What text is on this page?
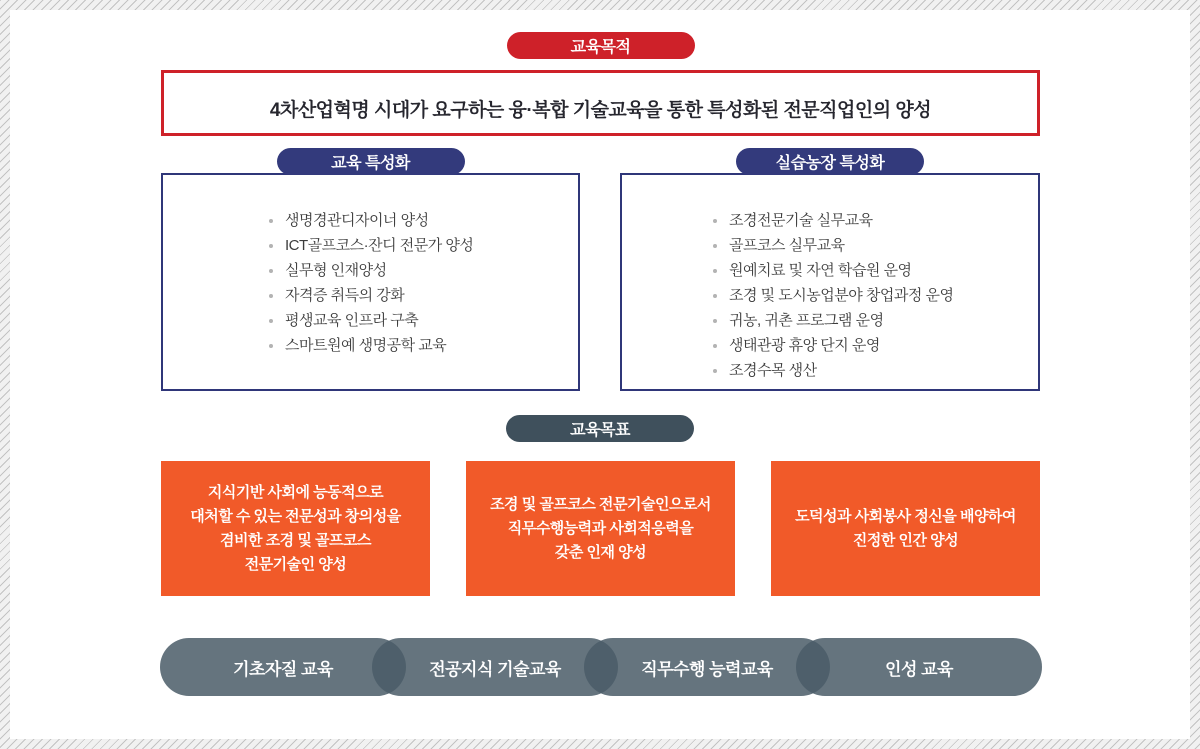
교육목적
4차산업혁명 시대가 요구하는 융·복합 기술교육을 통한 특성화된 전문직업인의 양성
교육 특성화
생명경관디자이너 양성
ICT골프코스·잔디 전문가 양성
실무형 인재양성
자격증 취득의 강화
평생교육 인프라 구축
스마트원예 생명공학 교육
실습농장 특성화
조경전문기술 실무교육
골프코스 실무교육
원예치료 및 자연 학습원 운영
조경 및 도시농업분야 창업과정 운영
귀농, 귀촌 프로그램 운영
생태관광 휴양 단지 운영
조경수목 생산
교육목표
지식기반 사회에 능동적으로
대처할 수 있는 전문성과 창의성을
겸비한 조경 및 골프코스
전문기술인 양성
조경 및 골프코스 전문기술인으로서
직무수행능력과 사회적응력을
갖춘 인재 양성
도덕성과 사회봉사 정신을 배양하여
진정한 인간 양성
기초자질 교육	전공지식 기술교육	직무수행 능력교육	인성 교육
